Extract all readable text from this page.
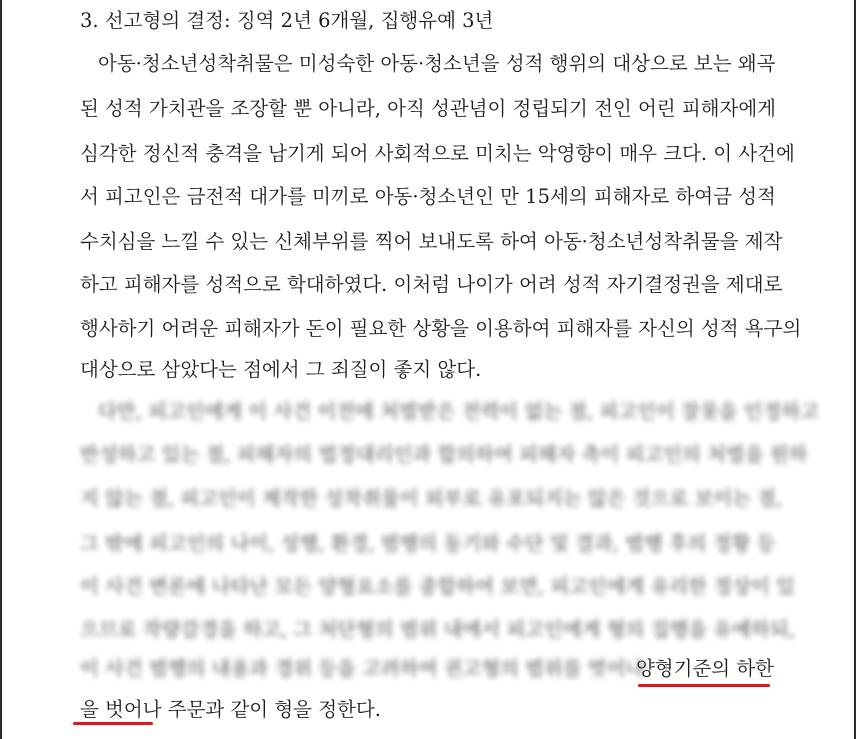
3. 선고형의 결정: 징역 2년 6개월, 집행유예 3년
아동·청소년성착취물은 미성숙한 아동·청소년을 성적 행위의 대상으로 보는 왜곡
된 성적 가치관을 조장할 뿐 아니라, 아직 성관념이 정립되기 전인 어린 피해자에게
심각한 정신적 충격을 남기게 되어 사회적으로 미치는 악영향이 매우 크다. 이 사건에
서 피고인은 금전적 대가를 미끼로 아동·청소년인 만 15세의 피해자로 하여금 성적
수치심을 느낄 수 있는 신체부위를 찍어 보내도록 하여 아동·청소년성착취물을 제작
하고 피해자를 성적으로 학대하였다. 이처럼 나이가 어려 성적 자기결정권을 제대로
행사하기 어려운 피해자가 돈이 필요한 상황을 이용하여 피해자를 자신의 성적 욕구의
대상으로 삼았다는 점에서 그 죄질이 좋지 않다.
다만, 피고인에게 이 사건 이전에 처벌받은 전력이 없는 점, 피고인이 잘못을 인정하고
반성하고 있는 점, 피해자의 법정대리인과 합의하여 피해자 측이 피고인의 처벌을 원하
지 않는 점, 피고인이 제작한 성착취물이 외부로 유포되지는 않은 것으로 보이는 점,
그 밖에 피고인의 나이, 성행, 환경, 범행의 동기와 수단 및 결과, 범행 후의 정황 등
이 사건 변론에 나타난 모든 양형요소를 종합하여 보면, 피고인에게 유리한 정상이 있
으므로 작량감경을 하고, 그 처단형의 범위 내에서 피고인에게 형의 집행을 유예하되,
이 사건 범행의 내용과 경위 등을 고려하여 권고형의 범위를 벗어나
양형기준의 하한
을 벗어나 주문과 같이 형을 정한다.
